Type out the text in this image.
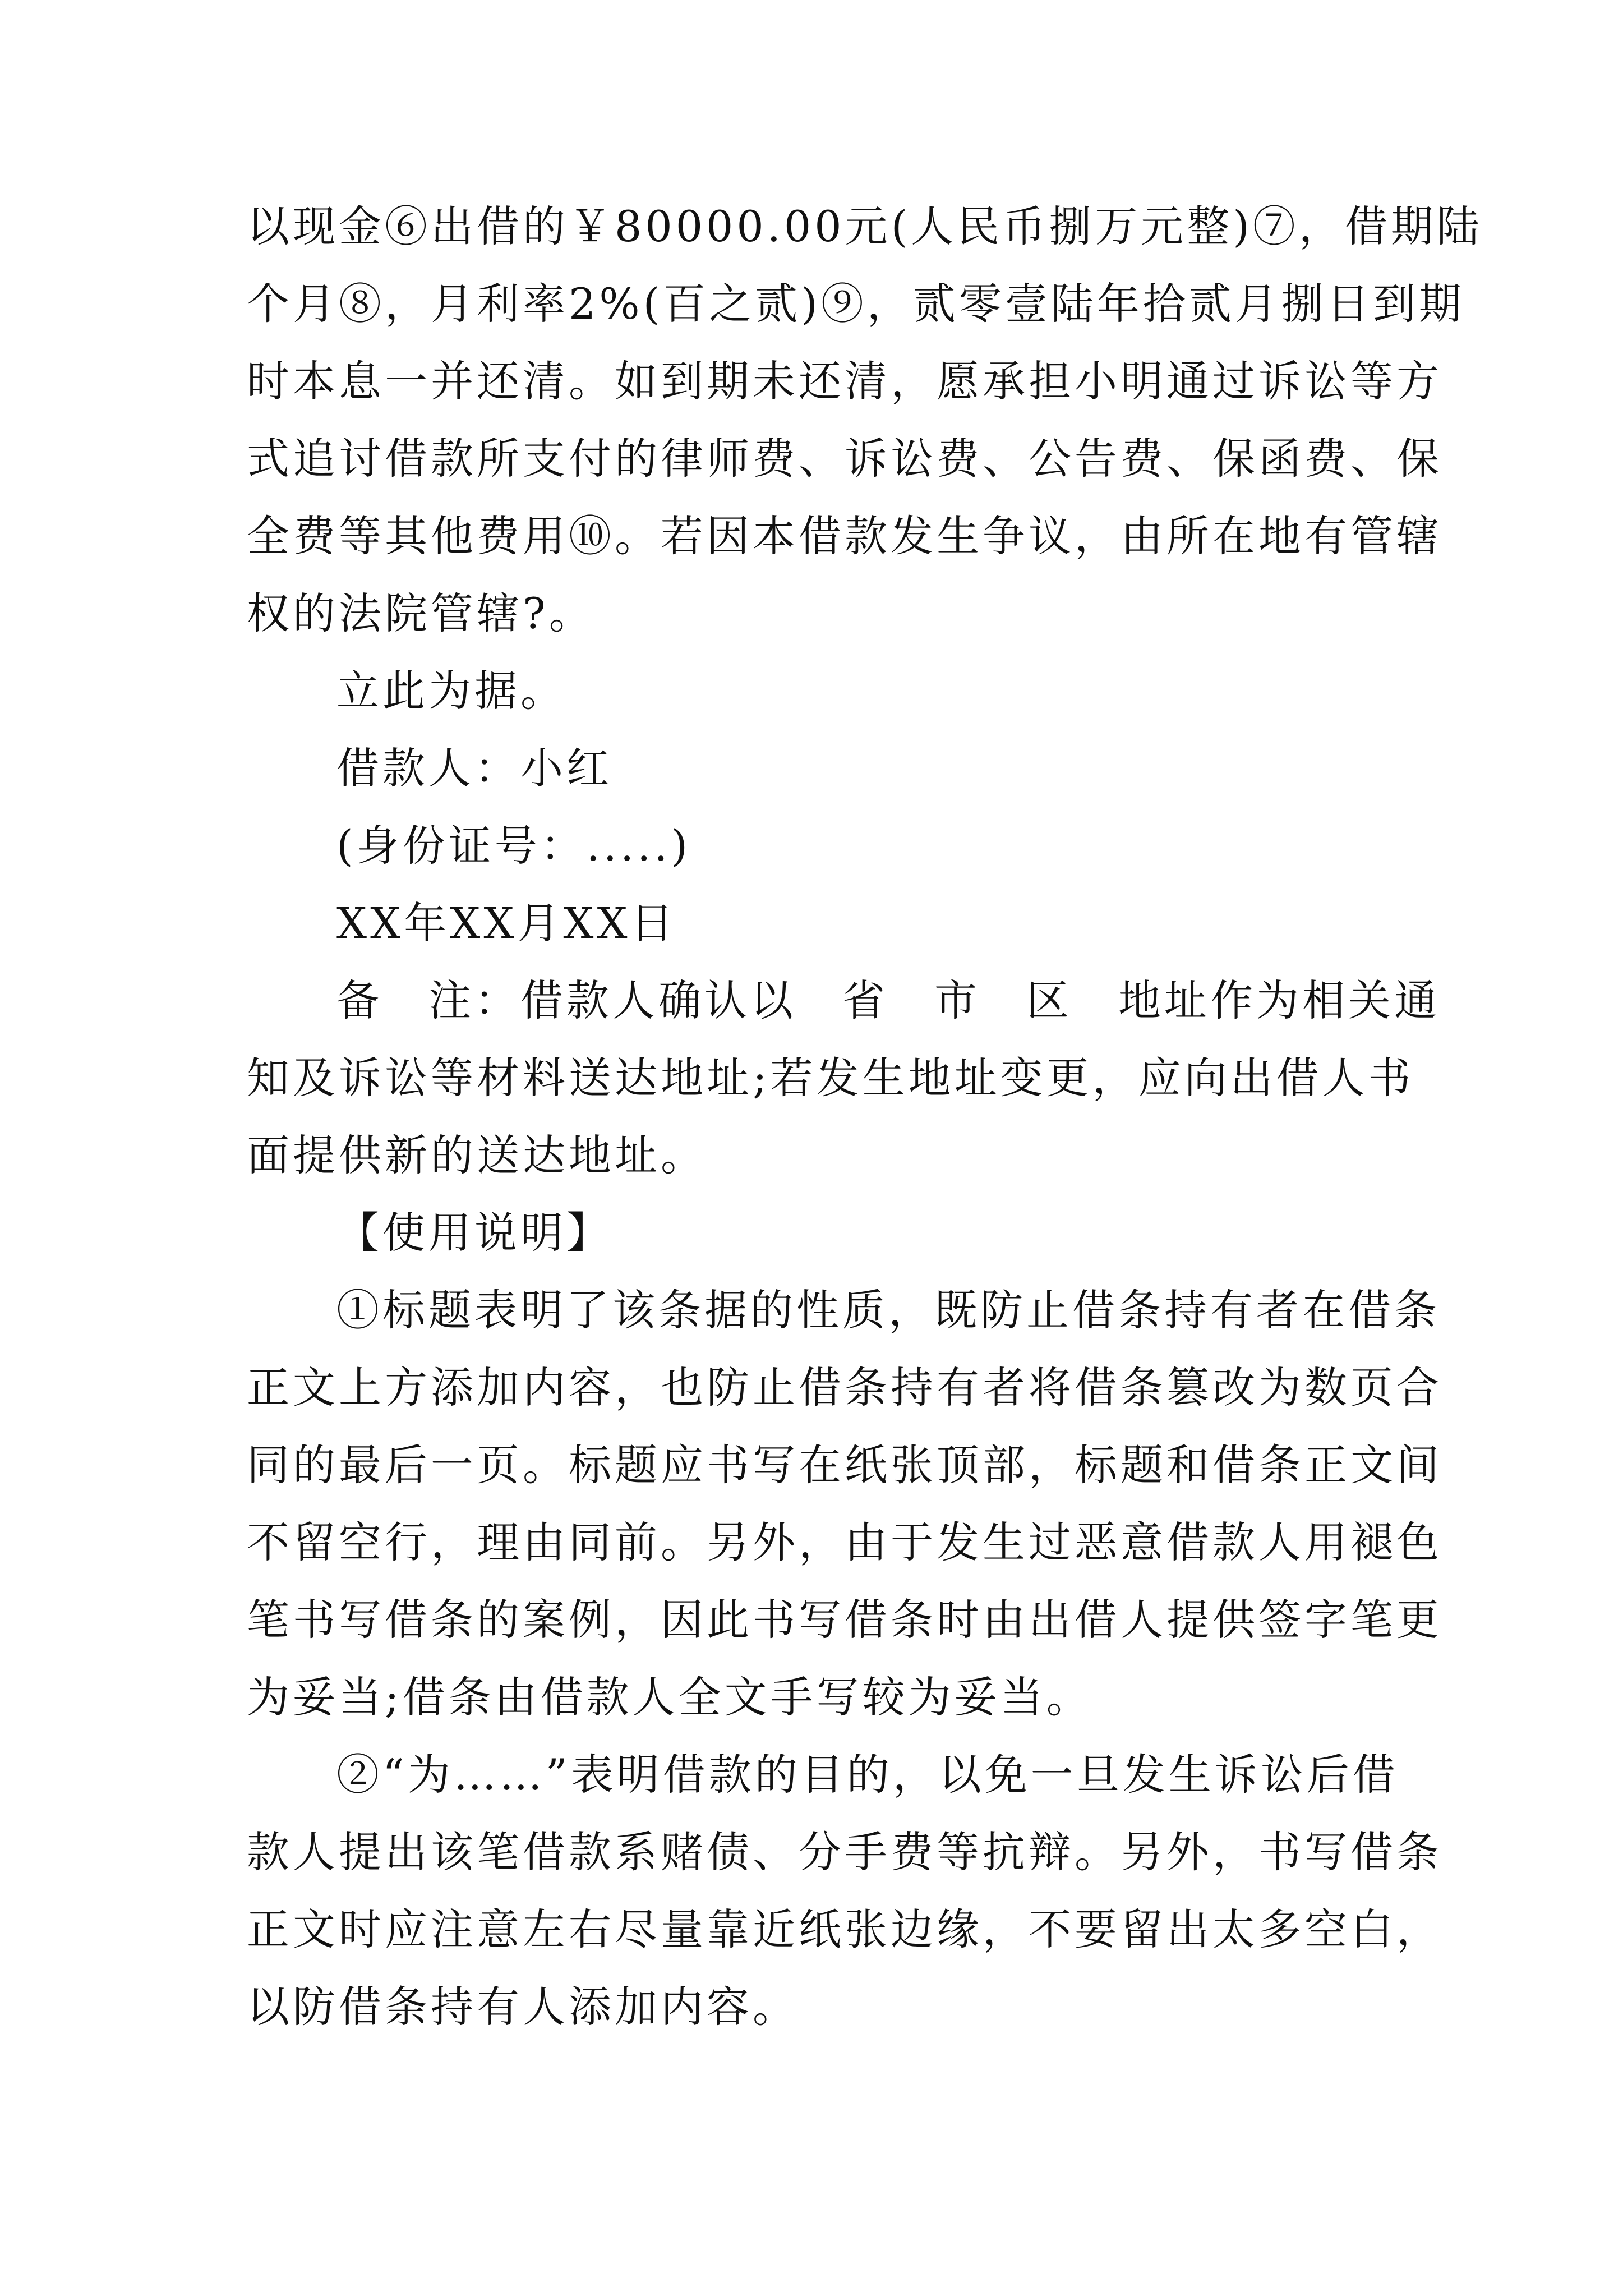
以现金⑥出借的￥80000.00元(人民币捌万元整)⑦，借期陆
个月⑧，月利率2%(百之贰)⑨，贰零壹陆年拾贰月捌日到期
时本息一并还清。如到期未还清，愿承担小明通过诉讼等方
式追讨借款所支付的律师费、诉讼费、公告费、保函费、保
全费等其他费用⑩。若因本借款发生争议，由所在地有管辖
权的法院管辖?。
立此为据。
借款人：小红
(身份证号：.....)
XX年XX月XX日
备　注：借款人确认以　省　市　区　地址作为相关通
知及诉讼等材料送达地址;若发生地址变更，应向出借人书
面提供新的送达地址。
【使用说明】
①标题表明了该条据的性质，既防止借条持有者在借条
正文上方添加内容，也防止借条持有者将借条篡改为数页合
同的最后一页。标题应书写在纸张顶部，标题和借条正文间
不留空行，理由同前。另外，由于发生过恶意借款人用褪色
笔书写借条的案例，因此书写借条时由出借人提供签字笔更
为妥当;借条由借款人全文手写较为妥当。
②“为……”表明借款的目的，以免一旦发生诉讼后借
款人提出该笔借款系赌债、分手费等抗辩。另外，书写借条
正文时应注意左右尽量靠近纸张边缘，不要留出太多空白，
以防借条持有人添加内容。
